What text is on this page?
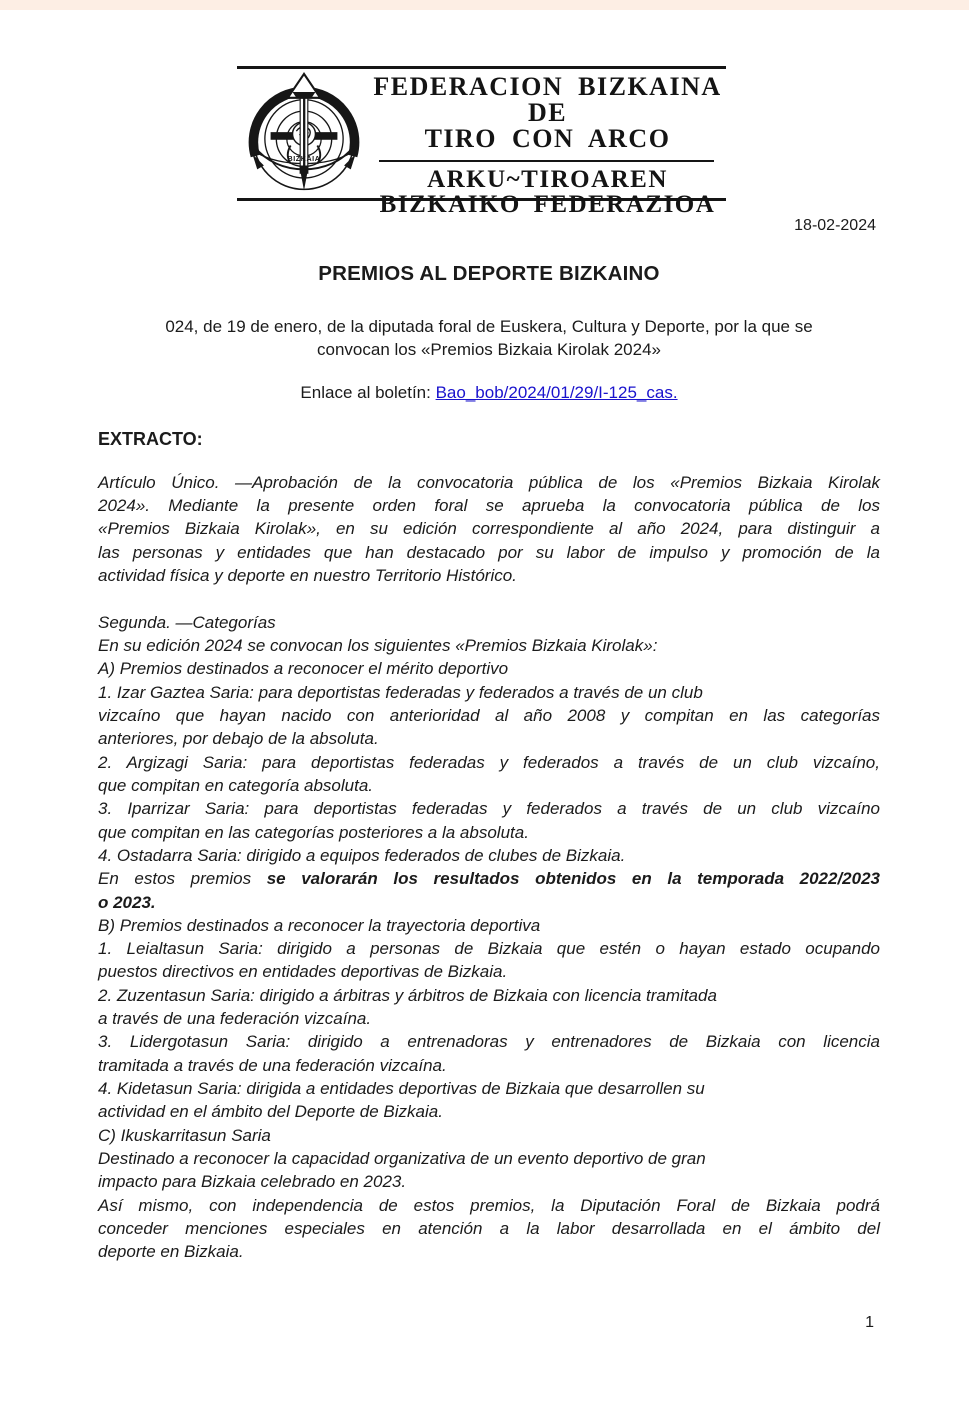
BIZKAIA
FEDERACION BIZKAINA DE
TIRO CON ARCO
ARKU~TIROAREN
BIZKAIKO FEDERAZIOA
18-02-2024
PREMIOS AL DEPORTE BIZKAINO
024, de 19 de enero, de la diputada foral de Euskera, Cultura y Deporte, por la que se
convocan los «Premios Bizkaia Kirolak 2024»
Enlace al boletín: Bao_bob/2024/01/29/I-125_cas.
EXTRACTO:
Artículo Único. —Aprobación de la convocatoria pública de los «Premios Bizkaia Kirolak
2024». Mediante la presente orden foral se aprueba la convocatoria pública de los
«Premios Bizkaia Kirolak», en su edición correspondiente al año 2024, para distinguir a
las personas y entidades que han destacado por su labor de impulso y promoción de la
actividad física y deporte en nuestro Territorio Histórico.
Segunda. —Categorías
En su edición 2024 se convocan los siguientes «Premios Bizkaia Kirolak»:
A) Premios destinados a reconocer el mérito deportivo
1. Izar Gaztea Saria: para deportistas federadas y federados a través de un club
vizcaíno que hayan nacido con anterioridad al año 2008 y compitan en las categorías
anteriores, por debajo de la absoluta.
2. Argizagi Saria: para deportistas federadas y federados a través de un club vizcaíno,
que compitan en categoría absoluta.
3. Iparrizar Saria: para deportistas federadas y federados a través de un club vizcaíno
que compitan en las categorías posteriores a la absoluta.
4. Ostadarra Saria: dirigido a equipos federados de clubes de Bizkaia.
En estos premios se valorarán los resultados obtenidos en la temporada 2022/2023
o 2023.
B) Premios destinados a reconocer la trayectoria deportiva
1. Leialtasun Saria: dirigido a personas de Bizkaia que estén o hayan estado ocupando
puestos directivos en entidades deportivas de Bizkaia.
2. Zuzentasun Saria: dirigido a árbitras y árbitros de Bizkaia con licencia tramitada
a través de una federación vizcaína.
3. Lidergotasun Saria: dirigido a entrenadoras y entrenadores de Bizkaia con licencia
tramitada a través de una federación vizcaína.
4. Kidetasun Saria: dirigida a entidades deportivas de Bizkaia que desarrollen su
actividad en el ámbito del Deporte de Bizkaia.
C) Ikuskarritasun Saria
Destinado a reconocer la capacidad organizativa de un evento deportivo de gran
impacto para Bizkaia celebrado en 2023.
Así mismo, con independencia de estos premios, la Diputación Foral de Bizkaia podrá
conceder menciones especiales en atención a la labor desarrollada en el ámbito del
deporte en Bizkaia.
1
